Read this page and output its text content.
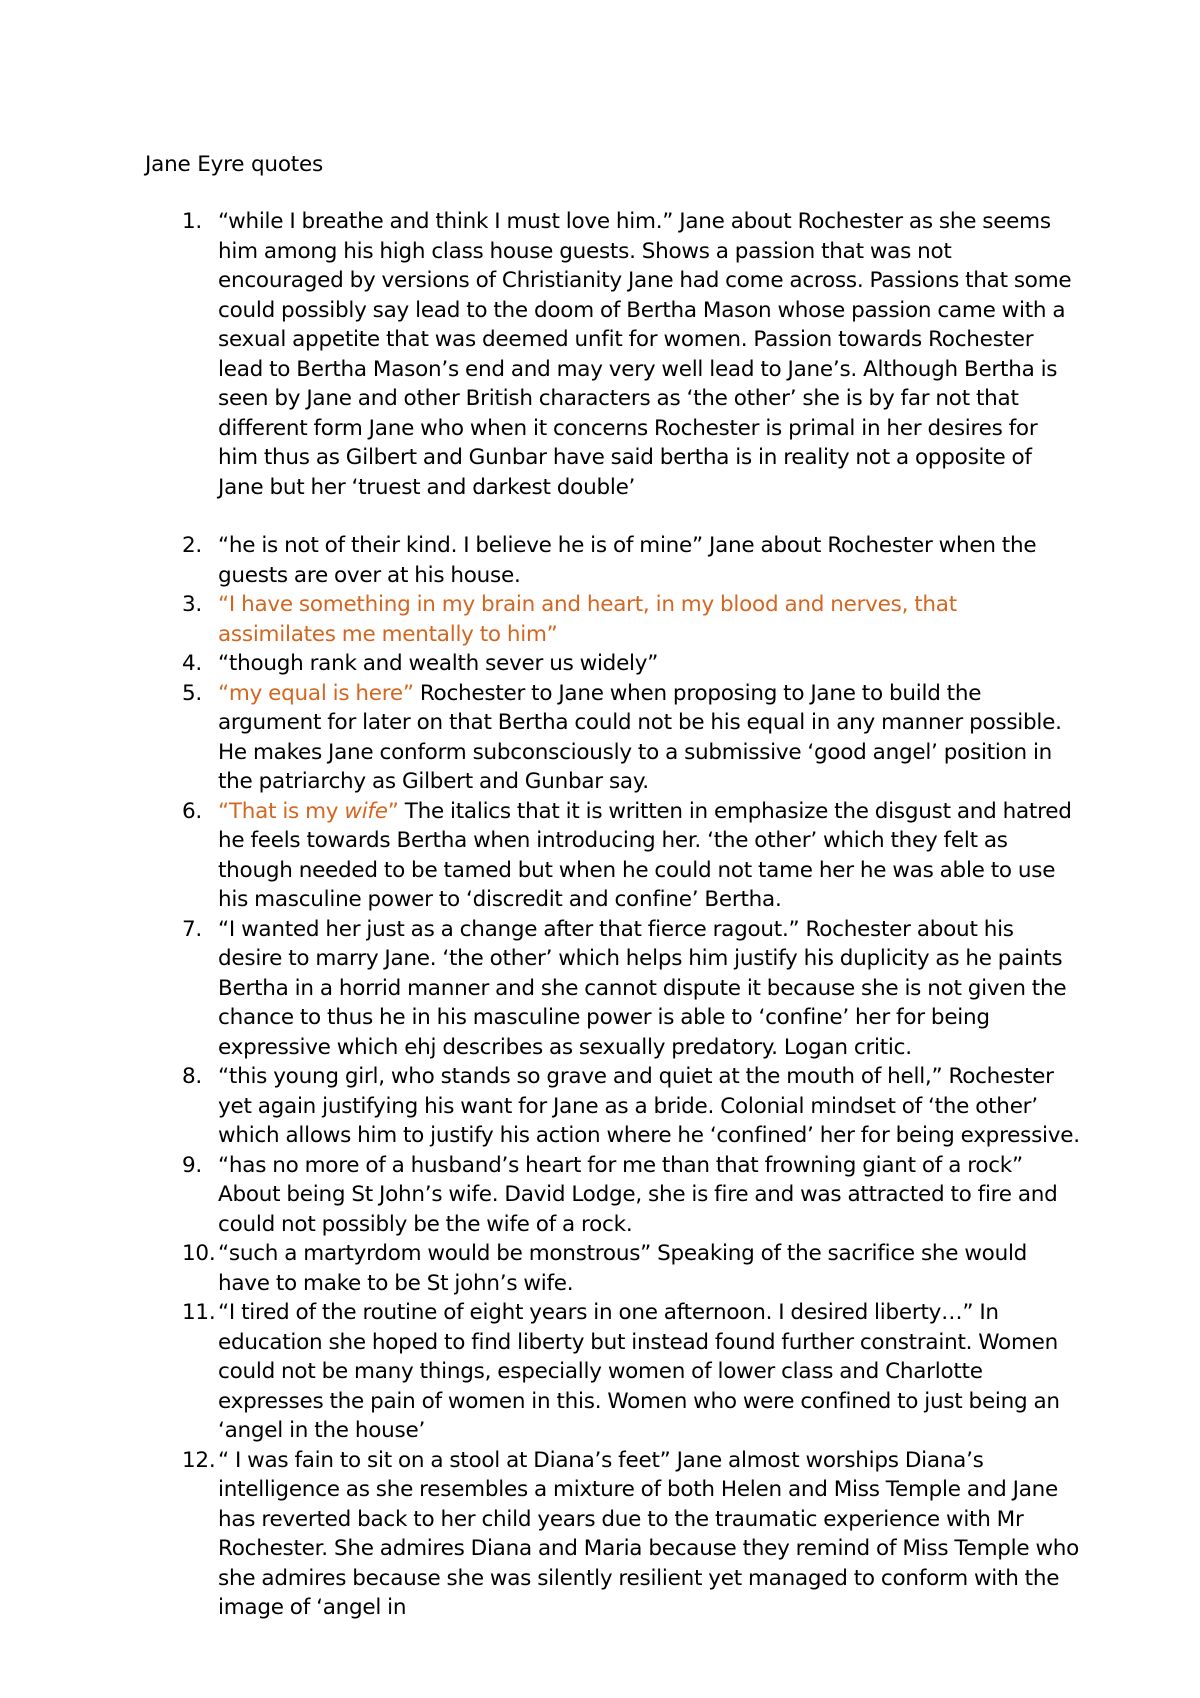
Jane Eyre quotes
1. “while I breathe and think I must love him.” Jane about Rochester as she seems him among his high class house guests. Shows a passion that was not encouraged by versions of Christianity Jane had come across. Passions that some could possibly say lead to the doom of Bertha Mason whose passion came with a sexual appetite that was deemed unfit for women. Passion towards Rochester lead to Bertha Mason’s end and may very well lead to Jane’s. Although Bertha is seen by Jane and other British characters as ‘the other’ she is by far not that different form Jane who when it concerns Rochester is primal in her desires for him thus as Gilbert and Gunbar have said bertha is in reality not a opposite of Jane but her ‘truest and darkest double’
2. “he is not of their kind. I believe he is of mine” Jane about Rochester when the guests are over at his house.
3. “I have something in my brain and heart, in my blood and nerves, that assimilates me mentally to him”
4. “though rank and wealth sever us widely”
5. “my equal is here” Rochester to Jane when proposing to Jane to build the argument for later on that Bertha could not be his equal in any manner possible. He makes Jane conform subconsciously to a submissive ‘good angel’ position in the patriarchy as Gilbert and Gunbar say.
6. “That is my wife” The italics that it is written in emphasize the disgust and hatred he feels towards Bertha when introducing her. ‘the other’ which they felt as though needed to be tamed but when he could not tame her he was able to use his masculine power to ‘discredit and confine’ Bertha.
7. “I wanted her just as a change after that fierce ragout.” Rochester about his desire to marry Jane. ‘the other’ which helps him justify his duplicity as he paints Bertha in a horrid manner and she cannot dispute it because she is not given the chance to thus he in his masculine power is able to ‘confine’ her for being expressive which ehj describes as sexually predatory. Logan critic.
8. “this young girl, who stands so grave and quiet at the mouth of hell,” Rochester yet again justifying his want for Jane as a bride. Colonial mindset of ‘the other’ which allows him to justify his action where he ‘confined’ her for being expressive.
9. “has no more of a husband’s heart for me than that frowning giant of a rock” About being St John’s wife. David Lodge, she is fire and was attracted to fire and could not possibly be the wife of a rock.
10. “such a martyrdom would be monstrous” Speaking of the sacrifice she would have to make to be St john’s wife.
11. “I tired of the routine of eight years in one afternoon. I desired liberty…” In education she hoped to find liberty but instead found further constraint. Women could not be many things, especially women of lower class and Charlotte expresses the pain of women in this. Women who were confined to just being an ‘angel in the house’
12. “ I was fain to sit on a stool at Diana’s feet” Jane almost worships Diana’s intelligence as she resembles a mixture of both Helen and Miss Temple and Jane has reverted back to her child years due to the traumatic experience with Mr Rochester. She admires Diana and Maria because they remind of Miss Temple who she admires because she was silently resilient yet managed to conform with the image of ‘angel in
